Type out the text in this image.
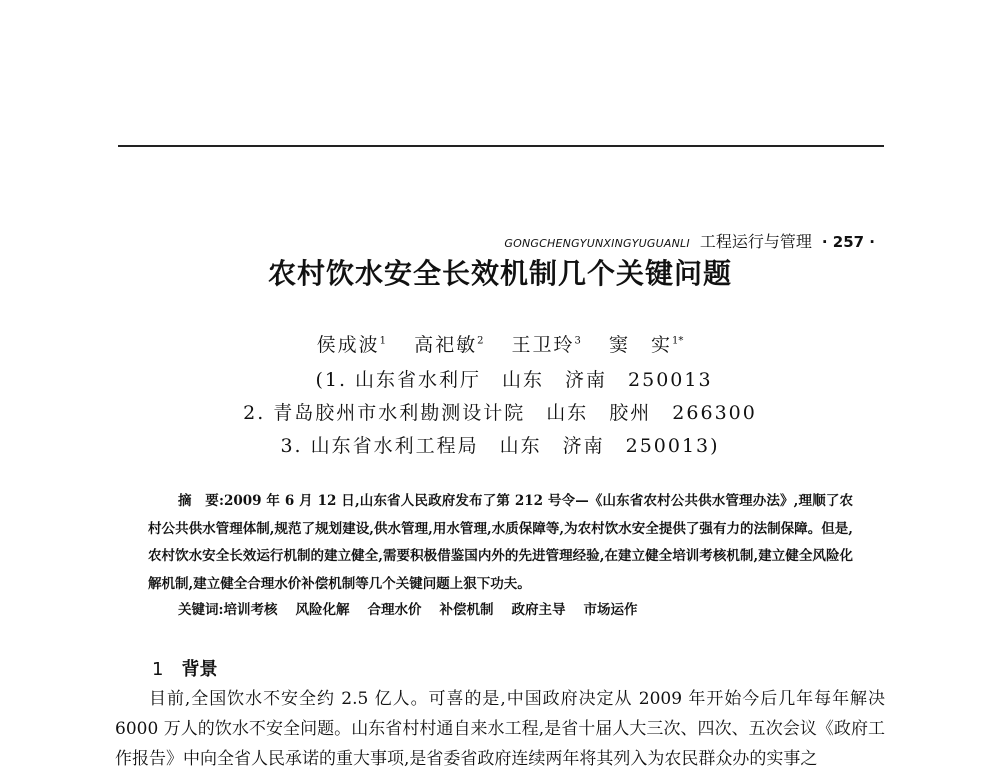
GONGCHENGYUNXINGYUGUANLI 工程运行与管理 · 257 ·
农村饮水安全长效机制几个关键问题
侯成波$^1$ 高祀敏$^2$ 王卫玲$^3$ 窦　实$^{1*}$
(1. 山东省水利厅　山东　济南　250013
2. 青岛胶州市水利勘测设计院　山东　胶州　266300
3. 山东省水利工程局　山东　济南　250013)
摘　要:2009 年 6 月 12 日,山东省人民政府发布了第 212 号令—《山东省农村公共供水管理办法》,理顺了农村公共供水管理体制,规范了规划建设,供水管理,用水管理,水质保障等,为农村饮水安全提供了强有力的法制保障。但是,农村饮水安全长效运行机制的建立健全,需要积极借鉴国内外的先进管理经验,在建立健全培训考核机制,建立健全风险化解机制,建立健全合理水价补偿机制等几个关键问题上狠下功夫。
关键词:培训考核 风险化解 合理水价 补偿机制 政府主导 市场运作
1 背景
目前,全国饮水不安全约 2.5 亿人。可喜的是,中国政府决定从 2009 年开始今后几年每年解决 6000 万人的饮水不安全问题。山东省村村通自来水工程,是省十届人大三次、四次、五次会议《政府工作报告》中向全省人民承诺的重大事项,是省委省政府连续两年将其列入为农民群众办的实事之
